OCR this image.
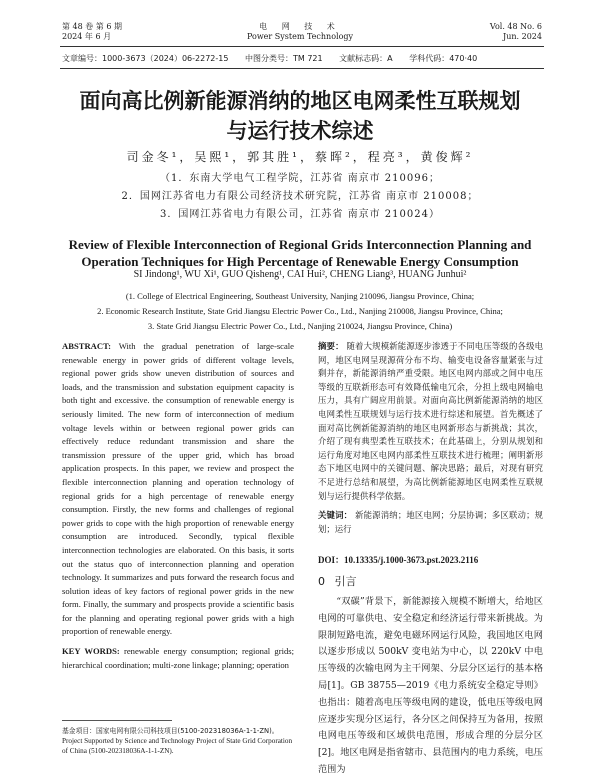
第 48 卷 第 6 期
2024 年 6 月
电 网 技 术
Power System Technology
Vol. 48 No. 6
Jun. 2024
文章编号：1000-3673（2024）06-2272-15 中图分类号：TM 721 文献标志码：A 学科代码：470·40
面向高比例新能源消纳的地区电网柔性互联规划
与运行技术综述
司金冬¹，吴熙¹，郭其胜¹，蔡晖²，程亮³，黄俊辉²
（1．东南大学电气工程学院，江苏省 南京市 210096；
2．国网江苏省电力有限公司经济技术研究院，江苏省 南京市 210008；
3．国网江苏省电力有限公司，江苏省 南京市 210024）
Review of Flexible Interconnection of Regional Grids Interconnection Planning and
Operation Techniques for High Percentage of Renewable Energy Consumption
SI Jindong¹, WU Xi¹, GUO Qisheng¹, CAI Hui², CHENG Liang³, HUANG Junhui²
(1. College of Electrical Engineering, Southeast University, Nanjing 210096, Jiangsu Province, China;
2. Economic Research Institute, State Grid Jiangsu Electric Power Co., Ltd., Nanjing 210008, Jiangsu Province, China;
3. State Grid Jiangsu Electric Power Co., Ltd., Nanjing 210024, Jiangsu Province, China)
ABSTRACT: With the gradual penetration of large-scale renewable energy in power grids of different voltage levels, regional power grids show uneven distribution of sources and loads, and the transmission and substation equipment capacity is both tight and excessive. the consumption of renewable energy is seriously limited. The new form of interconnection of medium voltage levels within or between regional power grids can effectively reduce redundant transmission and share the transmission pressure of the upper grid, which has broad application prospects. In this paper, we review and prospect the flexible interconnection planning and operation technology of regional grids for a high percentage of renewable energy consumption. Firstly, the new forms and challenges of regional power grids to cope with the high proportion of renewable energy consumption are introduced. Secondly, typical flexible interconnection technologies are elaborated. On this basis, it sorts out the status quo of interconnection planning and operation technology. It summarizes and puts forward the research focus and solution ideas of key factors of regional power grids in the new form. Finally, the summary and prospects provide a scientific basis for the planning and operating regional power grids with a high proportion of renewable energy.
KEY WORDS: renewable energy consumption; regional grids; hierarchical coordination; multi-zone linkage; planning; operation
摘要： 随着大规模新能源逐步渗透于不同电压等级的各级电网，地区电网呈现源荷分布不均、输变电设备容量紧张与过剩并存，新能源消纳严重受限。地区电网内部或之间中电压等级的互联新形态可有效降低输电冗余，分担上级电网输电压力，具有广阔应用前景。对面向高比例新能源消纳的地区电网柔性互联规划与运行技术进行综述和展望。首先概述了面对高比例新能源消纳的地区电网新形态与新挑战；其次，介绍了现有典型柔性互联技术；在此基础上，分别从规划和运行角度对地区电网内部柔性互联技术进行梳理；阐明新形态下地区电网中的关键问题、解决思路；最后，对现有研究不足进行总结和展望，为高比例新能源地区电网柔性互联规划与运行提供科学依据。
关键词： 新能源消纳；地区电网；分层协调；多区联动；规划；运行
DOI：10.13335/j.1000-3673.pst.2023.2116
0 引言
“双碳”背景下，新能源接入规模不断增大，给地区电网的可靠供电、安全稳定和经济运行带来新挑战。为限制短路电流，避免电磁环网运行风险，我国地区电网以逐步形成以 500kV 变电站为中心，以 220kV 中电压等级的次输电网为主干网架、分层分区运行的基本格局[1]。GB 38755—2019《电力系统安全稳定导则》也指出：随着高电压等级电网的建设，低电压等级电网应逐步实现分区运行，各分区之间保持互为备用，按照电网电压等级和区域供电范围，形成合理的分层分区[2]。地区电网是指省辖市、县范围内的电力系统，电压范围为
基金项目：国家电网有限公司科技项目(5100-202318036A-1-1-ZN)。
Project Supported by Science and Technology Project of State Grid Corporation of China (5100-202318036A-1-1-ZN).
